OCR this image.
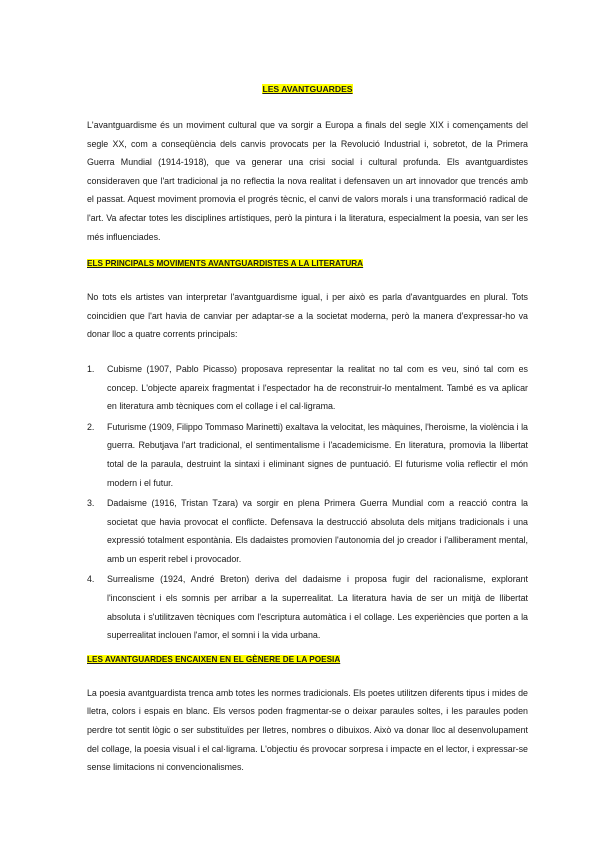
LES AVANTGUARDES

L'avantguardisme és un moviment cultural que va sorgir a Europa a finals del segle XIX i començaments del segle XX, com a conseqüència dels canvis provocats per la Revolució Industrial i, sobretot, de la Primera Guerra Mundial (1914-1918), que va generar una crisi social i cultural profunda. Els avantguardistes consideraven que l'art tradicional ja no reflectia la nova realitat i defensaven un art innovador que trencés amb el passat. Aquest moviment promovia el progrés tècnic, el canvi de valors morals i una transformació radical de l'art. Va afectar totes les disciplines artístiques, però la pintura i la literatura, especialment la poesia, van ser les més influenciades.

ELS PRINCIPALS MOVIMENTS AVANTGUARDISTES A LA LITERATURA

No tots els artistes van interpretar l'avantguardisme igual, i per això es parla d'avantguardes en plural. Tots coincidien que l'art havia de canviar per adaptar-se a la societat moderna, però la manera d'expressar-ho va donar lloc a quatre corrents principals:

1. Cubisme (1907, Pablo Picasso) proposava representar la realitat no tal com es veu, sinó tal com es concep. L'objecte apareix fragmentat i l'espectador ha de reconstruir-lo mentalment. També es va aplicar en literatura amb tècniques com el collage i el cal·ligrama.
2. Futurisme (1909, Filippo Tommaso Marinetti) exaltava la velocitat, les màquines, l'heroisme, la violència i la guerra. Rebutjava l'art tradicional, el sentimentalisme i l'academicisme. En literatura, promovia la llibertat total de la paraula, destruint la sintaxi i eliminant signes de puntuació. El futurisme volia reflectir el món modern i el futur.
3. Dadaisme (1916, Tristan Tzara) va sorgir en plena Primera Guerra Mundial com a reacció contra la societat que havia provocat el conflicte. Defensava la destrucció absoluta dels mitjans tradicionals i una expressió totalment espontània. Els dadaistes promovien l'autonomia del jo creador i l'alliberament mental, amb un esperit rebel i provocador.
4. Surrealisme (1924, André Breton) deriva del dadaisme i proposa fugir del racionalisme, explorant l'inconscient i els somnis per arribar a la superrealitat. La literatura havia de ser un mitjà de llibertat absoluta i s'utilitzaven tècniques com l'escriptura automàtica i el collage. Les experiències que porten a la superrealitat inclouen l'amor, el somni i la vida urbana.
LES AVANTGUARDES ENCAIXEN EN EL GÈNERE DE LA POESIA

La poesia avantguardista trenca amb totes les normes tradicionals. Els poetes utilitzen diferents tipus i mides de lletra, colors i espais en blanc. Els versos poden fragmentar-se o deixar paraules soltes, i les paraules poden perdre tot sentit lògic o ser substituïdes per lletres, nombres o dibuixos. Això va donar lloc al desenvolupament del collage, la poesia visual i el cal·ligrama. L'objectiu és provocar sorpresa i impacte en el lector, i expressar-se sense limitacions ni convencionalismes.
